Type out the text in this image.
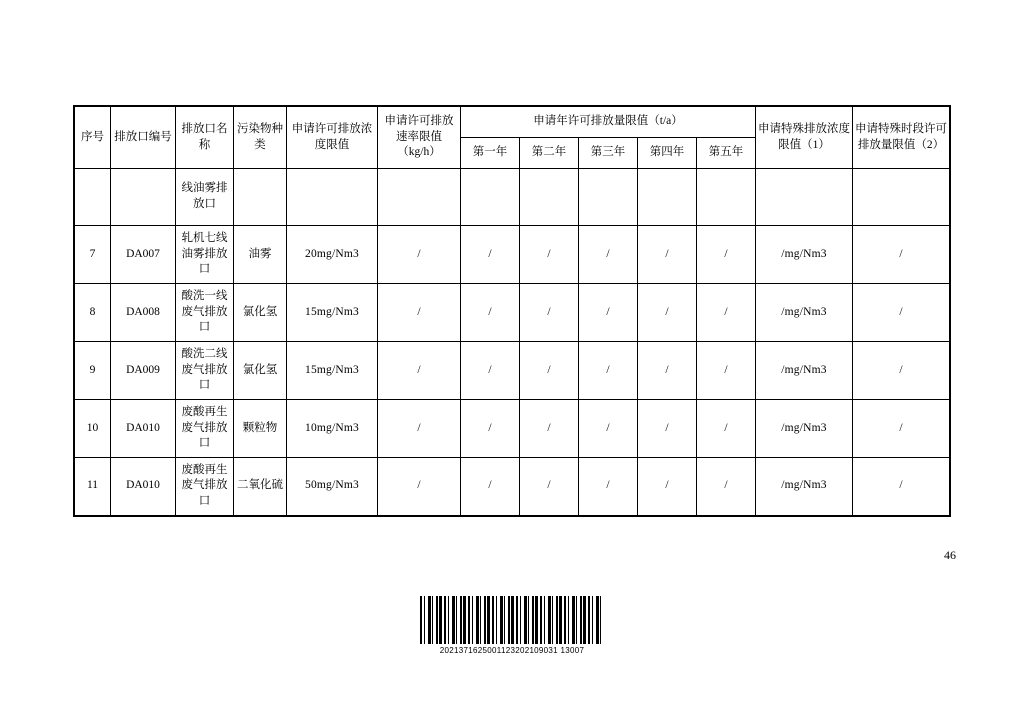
序号	排放口编号	排放口名称	污染物种类	申请许可排放浓度限值	申请许可排放速率限值（kg/h）	申请年许可排放量限值（t/a）					申请特殊排放浓度限值（1）	申请特殊时段许可排放量限值（2）
						第一年	第二年	第三年	第四年	第五年		
		线油雾排放口										
7	DA007	轧机七线油雾排放口	油雾	20mg/Nm3	/	/	/	/	/	/	/mg/Nm3	/
8	DA008	酸洗一线废气排放口	氯化氢	15mg/Nm3	/	/	/	/	/	/	/mg/Nm3	/
9	DA009	酸洗二线废气排放口	氯化氢	15mg/Nm3	/	/	/	/	/	/	/mg/Nm3	/
10	DA010	废酸再生废气排放口	颗粒物	10mg/Nm3	/	/	/	/	/	/	/mg/Nm3	/
11	DA010	废酸再生废气排放口	二氧化硫	50mg/Nm3	/	/	/	/	/	/	/mg/Nm3	/
46
2021371625001123202109031 13007
